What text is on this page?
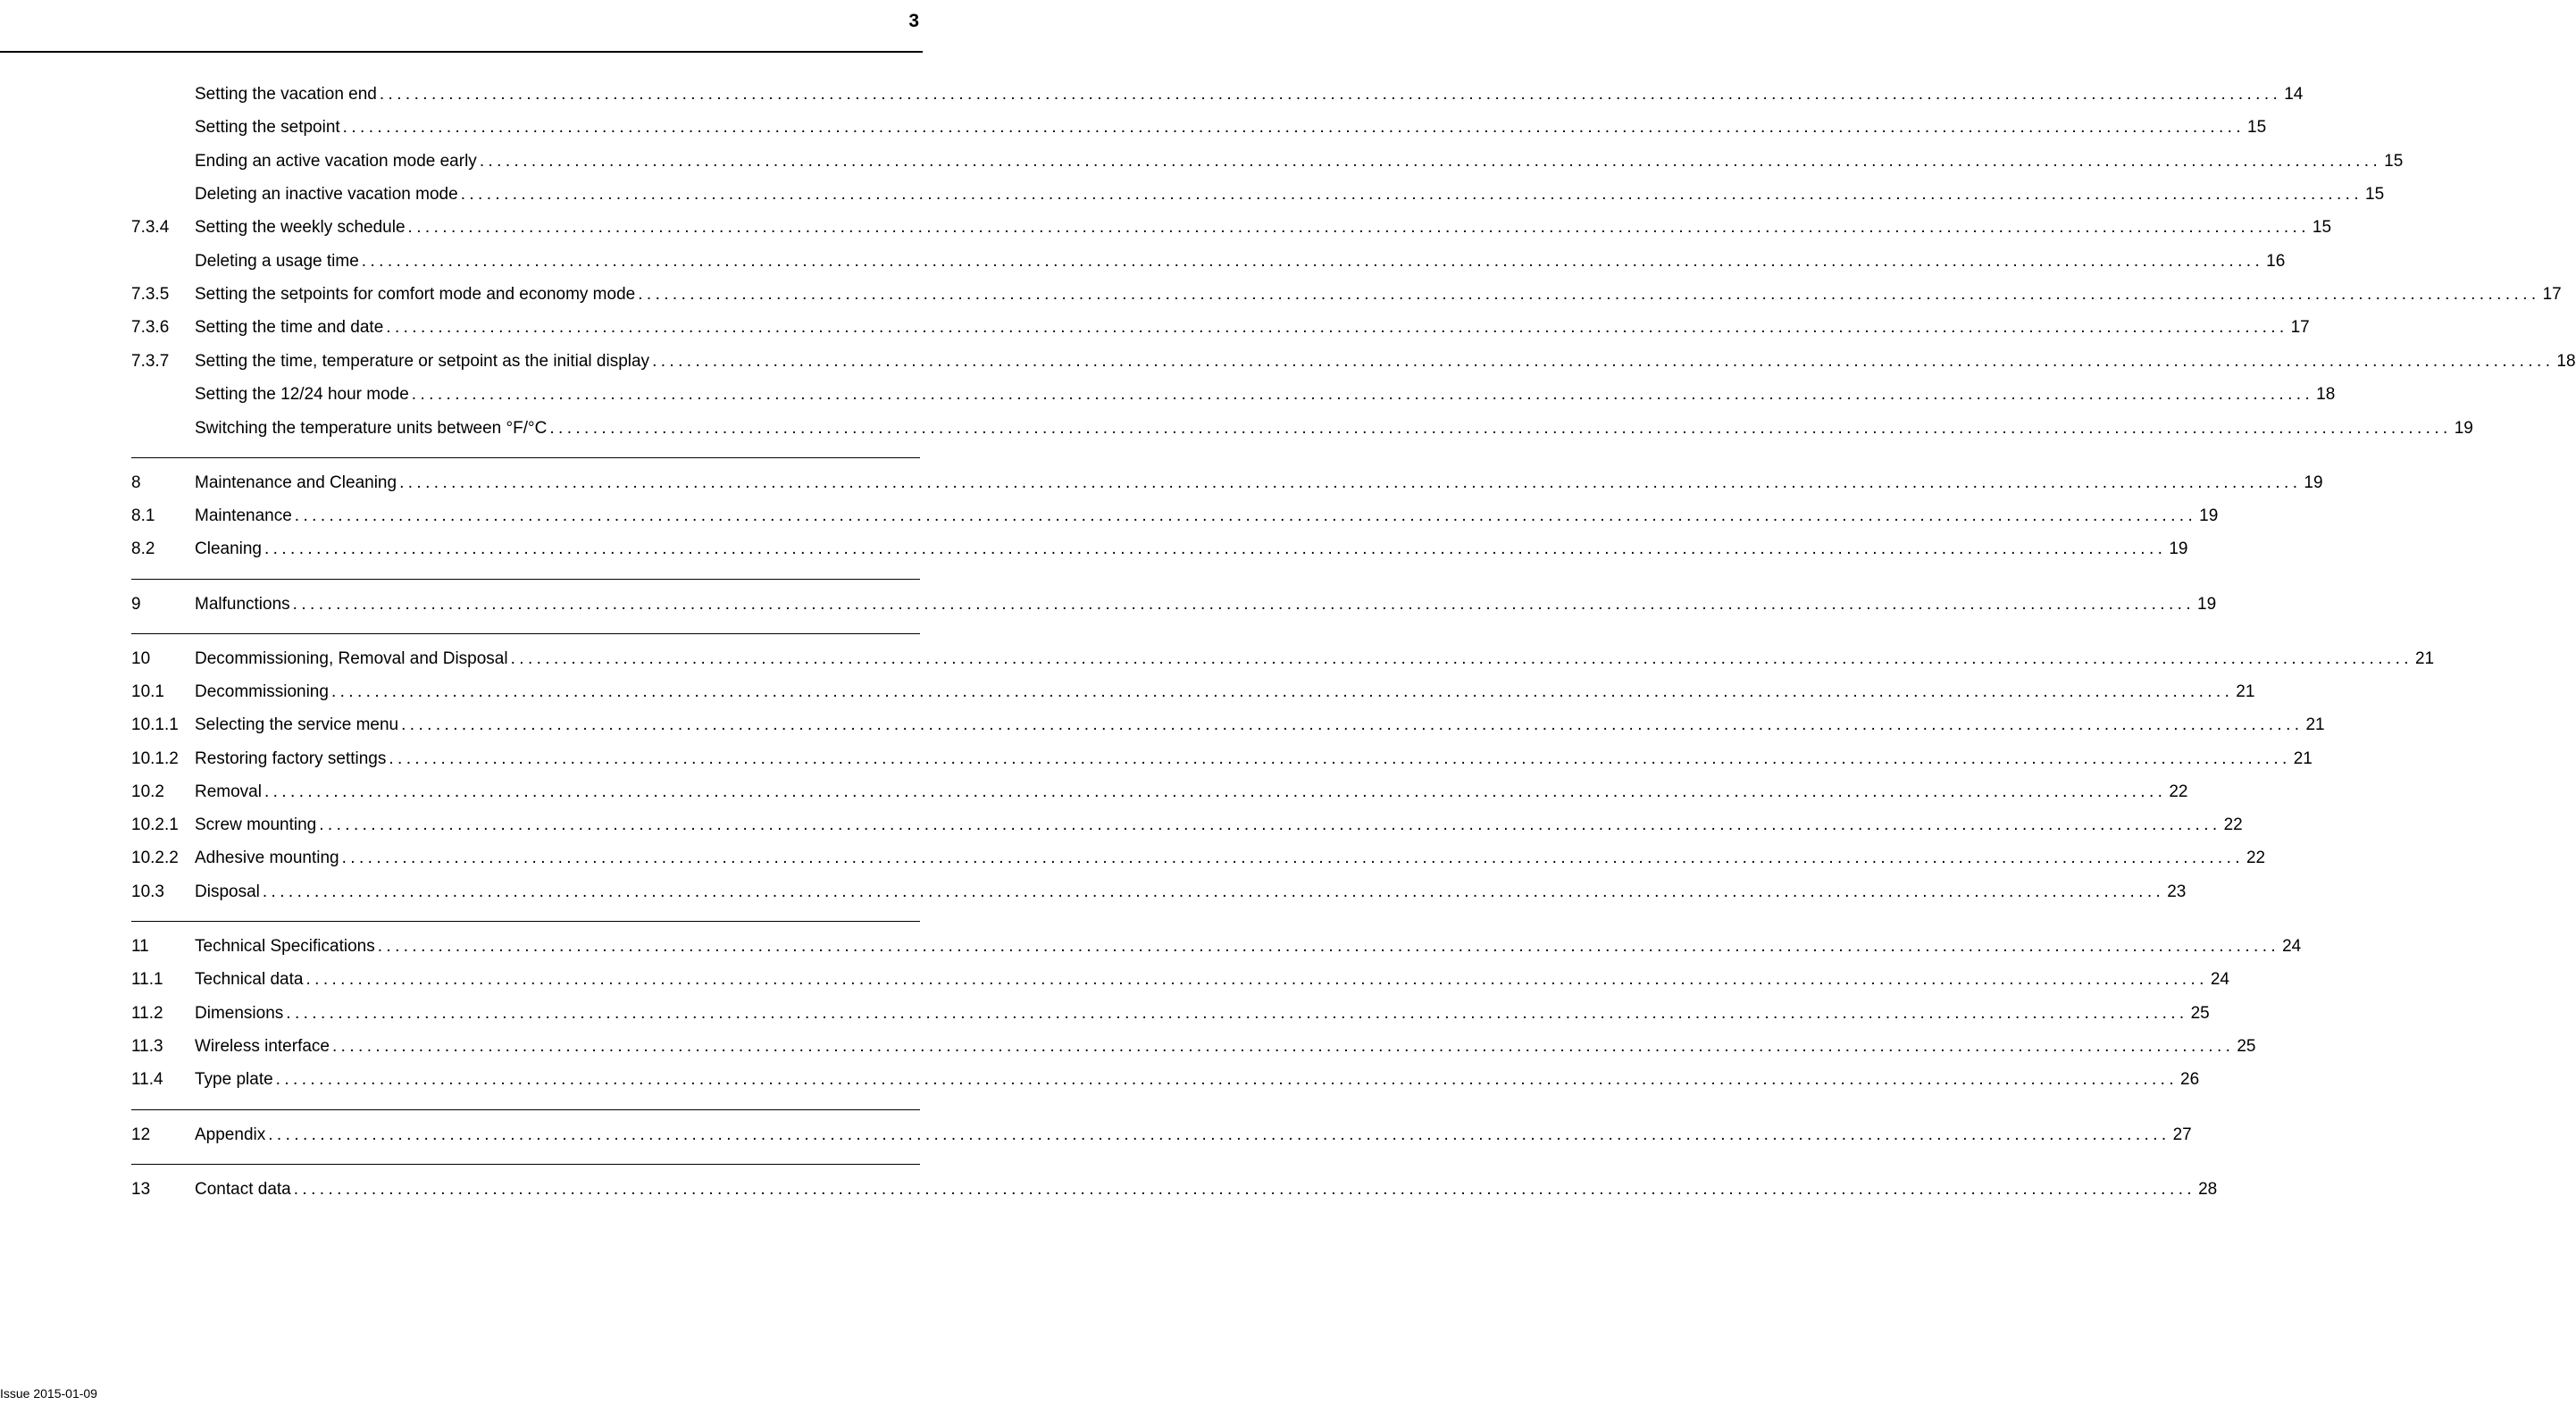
3
Setting the vacation end ............................................................................................................................................................................................................................ 14
Setting the setpoint ............................................................................................................................................................................................................................ 15
Ending an active vacation mode early ............................................................................................................................................................................................................................ 15
Deleting an inactive vacation mode ............................................................................................................................................................................................................................ 15
7.3.4 Setting the weekly schedule ............................................................................................................................................................................................................................ 15
Deleting a usage time ............................................................................................................................................................................................................................ 16
7.3.5 Setting the setpoints for comfort mode and economy mode ............................................................................................................................................................................................................................ 17
7.3.6 Setting the time and date ............................................................................................................................................................................................................................ 17
7.3.7 Setting the time, temperature or setpoint as the initial display ............................................................................................................................................................................................................................ 18
Setting the 12/24 hour mode ............................................................................................................................................................................................................................ 18
Switching the temperature units between °F/°C ............................................................................................................................................................................................................................ 19
8	Maintenance and Cleaning ............................................................................................................................................................................................................................ 19
8.1 Maintenance ............................................................................................................................................................................................................................ 19
8.2 Cleaning ............................................................................................................................................................................................................................ 19
9	Malfunctions ............................................................................................................................................................................................................................ 19
10	Decommissioning, Removal and Disposal ............................................................................................................................................................................................................................ 21
10.1 Decommissioning ............................................................................................................................................................................................................................ 21
10.1.1 Selecting the service menu ............................................................................................................................................................................................................................ 21
10.1.2 Restoring factory settings ............................................................................................................................................................................................................................ 21
10.2 Removal ............................................................................................................................................................................................................................ 22
10.2.1 Screw mounting ............................................................................................................................................................................................................................ 22
10.2.2 Adhesive mounting ............................................................................................................................................................................................................................ 22
10.3 Disposal ............................................................................................................................................................................................................................ 23
11	Technical Specifications ............................................................................................................................................................................................................................ 24
11.1 Technical data ............................................................................................................................................................................................................................ 24
11.2 Dimensions ............................................................................................................................................................................................................................ 25
11.3 Wireless interface ............................................................................................................................................................................................................................ 25
11.4 Type plate ............................................................................................................................................................................................................................ 26
12	Appendix ............................................................................................................................................................................................................................ 27
13	Contact data ............................................................................................................................................................................................................................ 28
Issue 2015-01-09
